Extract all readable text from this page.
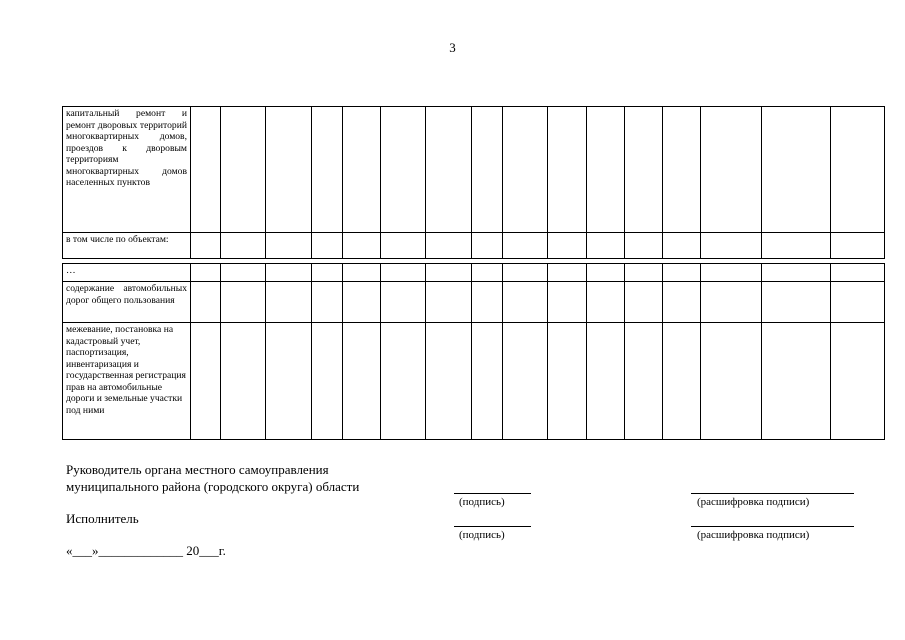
3
капитальный ремонт и ремонт дворовых территорий многоквартирных домов, проездов к дворовым территориям многоквартирных домов населенных пунктов																
в том числе по объектам:																

…																
содержание автомобильных дорог общего пользования																
межевание, постановка на кадастровый учет, паспортизация, инвентаризация и государственная регистрация прав на автомобильные дороги и земельные участки под ними																
Руководитель органа местного самоуправления
муниципального района (городского округа) области
(подпись)	(расшифровка подписи)
Исполнитель
(подпись)	(расшифровка подписи)
«___»_____________ 20___г.
